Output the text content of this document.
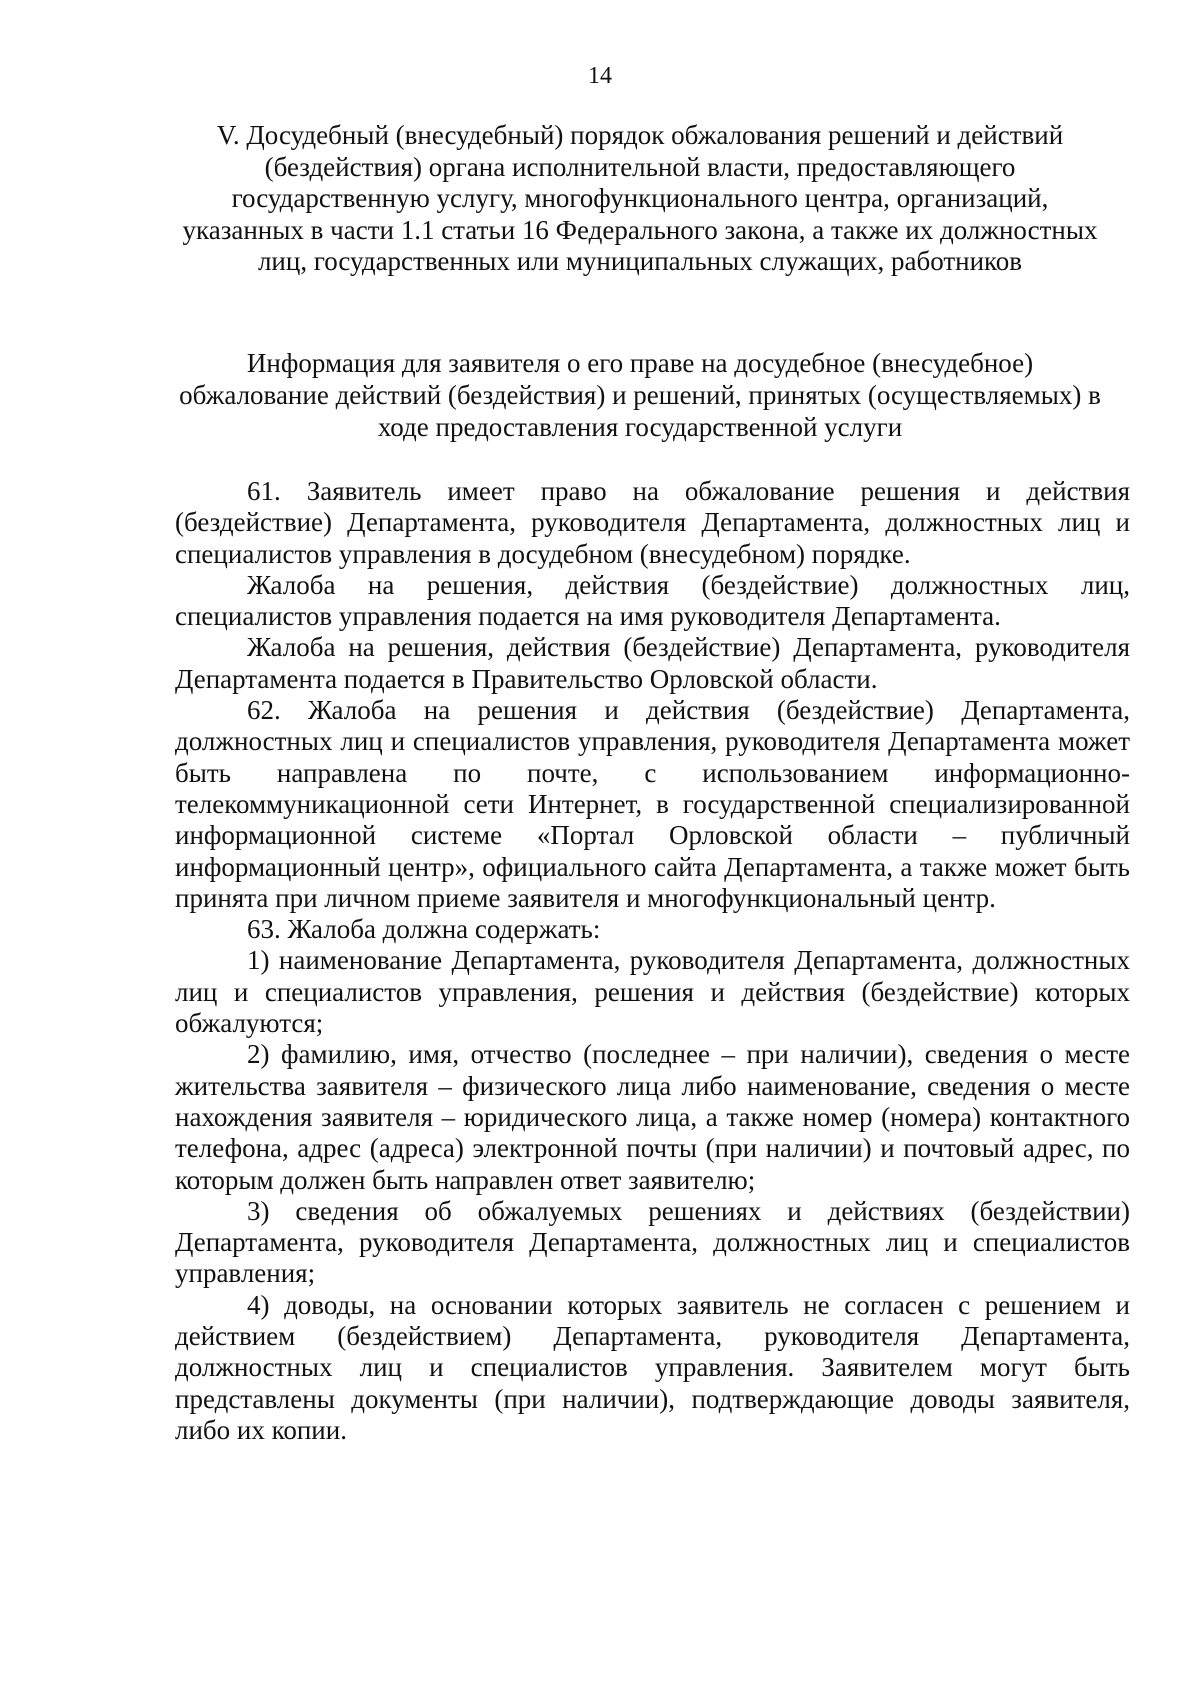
14
V. Досудебный (внесудебный) порядок обжалования решений и действий (бездействия) органа исполнительной власти, предоставляющего государственную услугу, многофункционального центра, организаций, указанных в части 1.1 статьи 16 Федерального закона, а также их должностных лиц, государственных или муниципальных служащих, работников
Информация для заявителя о его праве на досудебное (внесудебное) обжалование действий (бездействия) и решений, принятых (осуществляемых) в ходе предоставления государственной услуги

61. Заявитель имеет право на обжалование решения и действия (бездействие) Департамента, руководителя Департамента, должностных лиц и специалистов управления в досудебном (внесудебном) порядке.

Жалоба на решения, действия (бездействие) должностных лиц, специалистов управления подается на имя руководителя Департамента.

Жалоба на решения, действия (бездействие) Департамента, руководителя Департамента подается в Правительство Орловской области.

62. Жалоба на решения и действия (бездействие) Департамента, должностных лиц и специалистов управления, руководителя Департамента может быть направлена по почте, с использованием информационно-телекоммуникационной сети Интернет, в государственной специализированной информационной системе «Портал Орловской области – публичный информационный центр», официального сайта Департамента, а также может быть принята при личном приеме заявителя и многофункциональный центр.

63. Жалоба должна содержать:

1) наименование Департамента, руководителя Департамента, должностных лиц и специалистов управления, решения и действия (бездействие) которых обжалуются;

2) фамилию, имя, отчество (последнее – при наличии), сведения о месте жительства заявителя – физического лица либо наименование, сведения о месте нахождения заявителя – юридического лица, а также номер (номера) контактного телефона, адрес (адреса) электронной почты (при наличии) и почтовый адрес, по которым должен быть направлен ответ заявителю;

3) сведения об обжалуемых решениях и действиях (бездействии) Департамента, руководителя Департамента, должностных лиц и специалистов управления;

4) доводы, на основании которых заявитель не согласен с решением и действием (бездействием) Департамента, руководителя Департамента, должностных лиц и специалистов управления. Заявителем могут быть представлены документы (при наличии), подтверждающие доводы заявителя, либо их копии.
